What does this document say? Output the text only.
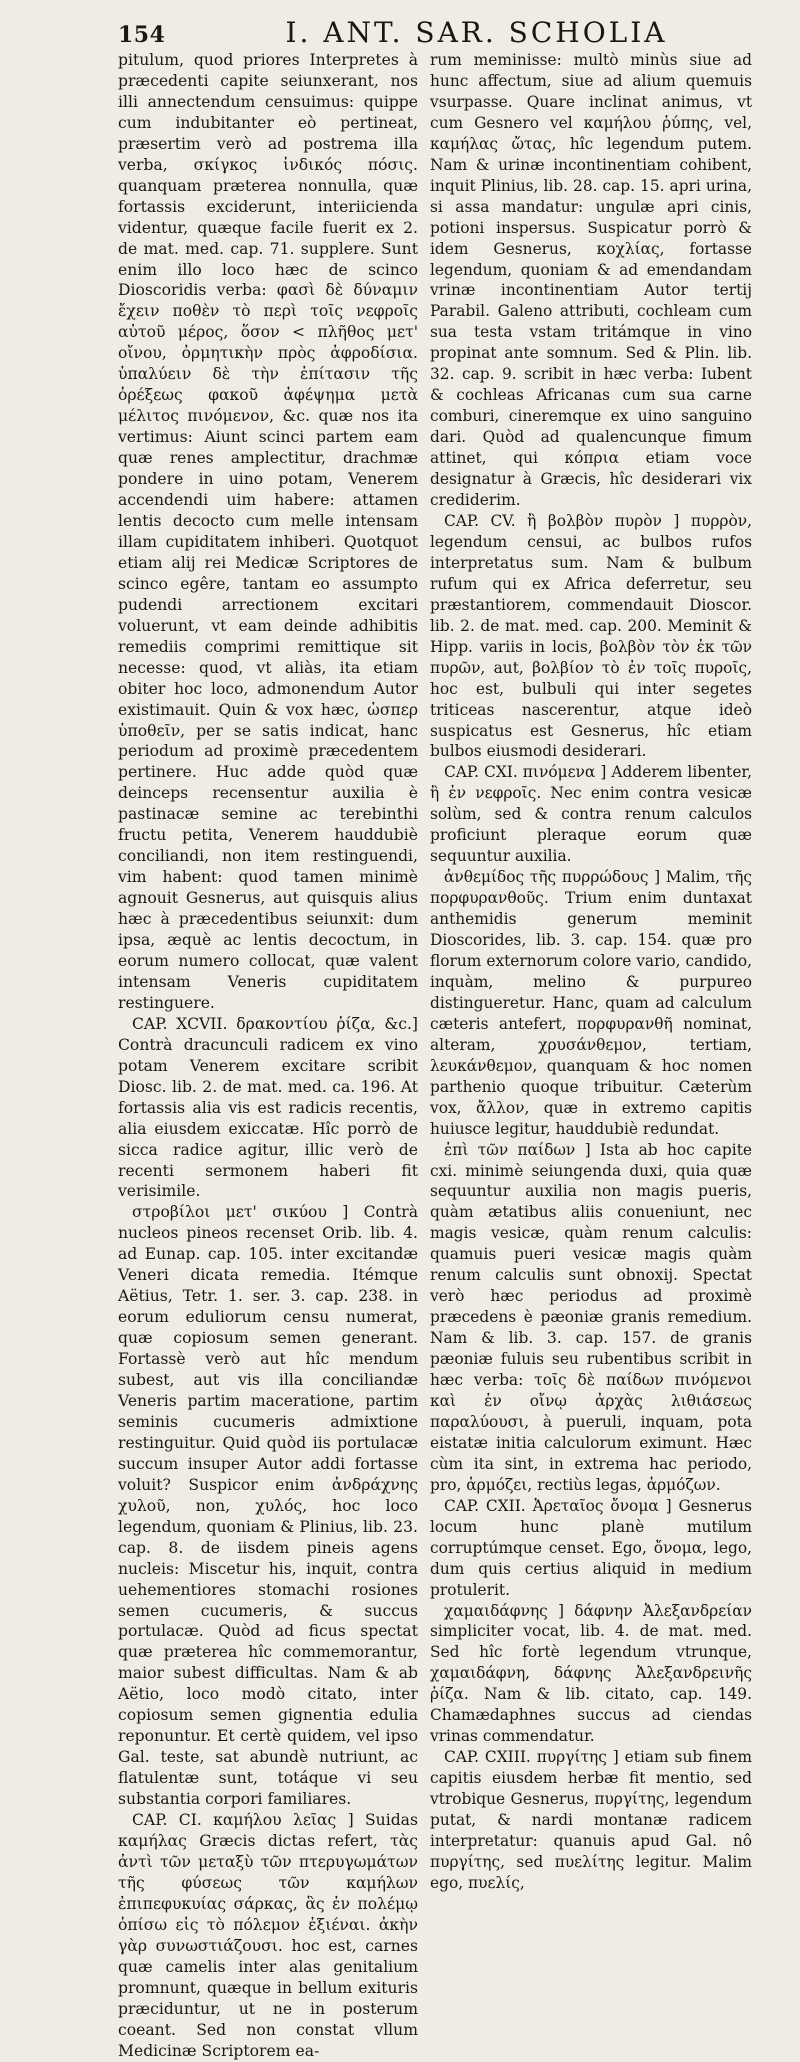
154	I. ANT. SAR. SCHOLIA

pitulum, quod priores Interpretes à præcedenti capite seiunxerant, nos illi annectendum censuimus: quippe cum indubitanter eò pertineat, præsertim verò ad postrema illa verba, σκίγκος ἰνδικός πόσις. quanquam præterea nonnulla, quæ fortassis exciderunt, interiicienda videntur, quæque facile fuerit ex 2. de mat. med. cap. 71. supplere. Sunt enim illo loco hæc de scinco Dioscoridis verba: φασὶ δὲ δύναμιν ἔχειν ποθὲν τὸ περὶ τοῖς νεφροῖς αὐτοῦ μέρος, ὅσον < πλῆθος μετ' οἴνου, ὀρμητικὴν πρὸς ἀφροδίσια. ὑπαλύειν δὲ τὴν ἐπίτασιν τῆς ὀρέξεως φακοῦ ἀφέψημα μετὰ μέλιτος πινόμενον, &c. quæ nos ita vertimus: Aiunt scinci partem eam quæ renes amplectitur, drachmæ pondere in uino potam, Venerem accendendi uim habere: attamen lentis decocto cum melle intensam illam cupiditatem inhiberi. Quotquot etiam alij rei Medicæ Scriptores de scinco egêre, tantam eo assumpto pudendi arrectionem excitari voluerunt, vt eam deinde adhibitis remediis comprimi remittique sit necesse: quod, vt aliàs, ita etiam obiter hoc loco, admonendum Autor existimauit. Quin & vox hæc, ὡσπερ ὑποθεῖν, per se satis indicat, hanc periodum ad proximè præcedentem pertinere. Huc adde quòd quæ deinceps recensentur auxilia è pastinacæ semine ac terebinthi fructu petita, Venerem hauddubiè conciliandi, non item restinguendi, vim habent: quod tamen minimè agnouit Gesnerus, aut quisquis alius hæc à præcedentibus seiunxit: dum ipsa, æquè ac lentis decoctum, in eorum numero collocat, quæ valent intensam Veneris cupiditatem restinguere.

CAP. XCVII. δρακοντίου ῥίζα, &c.] Contrà dracunculi radicem ex vino potam Venerem excitare scribit Diosc. lib. 2. de mat. med. ca. 196. At fortassis alia vis est radicis recentis, alia eiusdem exiccatæ. Hîc porrò de sicca radice agitur, illic verò de recenti sermonem haberi fit verisimile.

στροβίλοι μετ' σικύου ] Contrà nucleos pineos recenset Orib. lib. 4. ad Eunap. cap. 105. inter excitandæ Veneri dicata remedia. Itémque Aëtius, Tetr. 1. ser. 3. cap. 238. in eorum eduliorum censu numerat, quæ copiosum semen generant. Fortassè verò aut hîc mendum subest, aut vis illa conciliandæ Veneris partim maceratione, partim seminis cucumeris admixtione restinguitur. Quid quòd iis portulacæ succum insuper Autor addi fortasse voluit? Suspicor enim ἀνδράχνης χυλοῦ, non, χυλός, hoc loco legendum, quoniam & Plinius, lib. 23. cap. 8. de iisdem pineis agens nucleis: Miscetur his, inquit, contra uehementiores stomachi rosiones semen cucumeris, & succus portulacæ. Quòd ad ficus spectat quæ præterea hîc commemorantur, maior subest difficultas. Nam & ab Aëtio, loco modò citato, inter copiosum semen gignentia edulia reponuntur. Et certè quidem, vel ipso Gal. teste, sat abundè nutriunt, ac flatulentæ sunt, totáque vi seu substantia corpori familiares.

CAP. CI. καμήλου λεῖας ] Suidas καμήλας Græcis dictas refert, τὰς ἀντὶ τῶν μεταξὺ τῶν πτερυγωμάτων τῆς φύσεως τῶν καμήλων ἐπιπεφυκυίας σάρκας, ἃς ἐν πολέμῳ ὀπίσω εἰς τὸ πόλεμον ἐξιέναι. ἀκὴν γὰρ συνωστιάζουσι. hoc est, carnes quæ camelis inter alas genitalium promnunt, quæque in bellum exituris præciduntur, ut ne in posterum coeant. Sed non constat vllum Medicinæ Scriptorem ea-

rum meminisse: multò minùs siue ad hunc affectum, siue ad alium quemuis vsurpasse. Quare inclinat animus, vt cum Gesnero vel καμήλου ῥύπης, vel, καμήλας ὤτας, hîc legendum putem. Nam & urinæ incontinentiam cohibent, inquit Plinius, lib. 28. cap. 15. apri urina, si assa mandatur: ungulæ apri cinis, potioni inspersus. Suspicatur porrò & idem Gesnerus, κοχλίας, fortasse legendum, quoniam & ad emendandam vrinæ incontinentiam Autor tertij Parabil. Galeno attributi, cochleam cum sua testa vstam tritámque in vino propinat ante somnum. Sed & Plin. lib. 32. cap. 9. scribit in hæc verba: Iubent & cochleas Africanas cum sua carne comburi, cineremque ex uino sanguino dari. Quòd ad qualencunque fimum attinet, qui κόπρια etiam voce designatur à Græcis, hîc desiderari vix crediderim.

CAP. CV. ἢ βολβὸν πυρὸν ] πυρρὸν, legendum censui, ac bulbos rufos interpretatus sum. Nam & bulbum rufum qui ex Africa deferretur, seu præstantiorem, commendauit Dioscor. lib. 2. de mat. med. cap. 200. Meminit & Hipp. variis in locis, βολβὸν τὸν ἐκ τῶν πυρῶν, aut, βολβίον τὸ ἐν τοῖς πυροῖς, hoc est, bulbuli qui inter segetes triticeas nascerentur, atque ideò suspicatus est Gesnerus, hîc etiam bulbos eiusmodi desiderari.

CAP. CXI. πινόμενα ] Adderem libenter, ἢ ἐν νεφροῖς. Nec enim contra vesicæ solùm, sed & contra renum calculos proficiunt pleraque eorum quæ sequuntur auxilia.

ἀνθεμίδος τῆς πυρρώδους ] Malim, τῆς πορφυρανθοῦς. Trium enim duntaxat anthemidis generum meminit Dioscorides, lib. 3. cap. 154. quæ pro florum externorum colore vario, candido, inquàm, melino & purpureo distingueretur. Hanc, quam ad calculum cæteris antefert, πορφυρανθῆ nominat, alteram, χρυσάνθεμον, tertiam, λευκάνθεμον, quanquam & hoc nomen parthenio quoque tribuitur. Cæterùm vox, ἄλλον, quæ in extremo capitis huiusce legitur, hauddubiè redundat.

ἐπὶ τῶν παίδων ] Ista ab hoc capite cxi. minimè seiungenda duxi, quia quæ sequuntur auxilia non magis pueris, quàm ætatibus aliis conueniunt, nec magis vesicæ, quàm renum calculis: quamuis pueri vesicæ magis quàm renum calculis sunt obnoxij. Spectat verò hæc periodus ad proximè præcedens è pæoniæ granis remedium. Nam & lib. 3. cap. 157. de granis pæoniæ fuluis seu rubentibus scribit in hæc verba: τοῖς δὲ παίδων πινόμενοι καὶ ἐν οἴνῳ ἀρχὰς λιθιάσεως παραλύουσι, à pueruli, inquam, pota eistatæ initia calculorum eximunt. Hæc cùm ita sint, in extrema hac periodo, pro, ἁρμόζει, rectiùs legas, ἁρμόζων.

CAP. CXII. Ἀρεταῖος ὄνομα ] Gesnerus locum hunc planè mutilum corruptúmque censet. Ego, ὄνομα, lego, dum quis certius aliquid in medium protulerit.

χαμαιδάφνης ] δάφνην Ἀλεξανδρείαν simpliciter vocat, lib. 4. de mat. med. Sed hîc fortè legendum vtrunque, χαμαιδάφνη, δάφνης Ἀλεξανδρεινῆς ῥίζα. Nam & lib. citato, cap. 149. Chamædaphnes succus ad ciendas vrinas commendatur.

CAP. CXIII. πυργίτης ] etiam sub finem capitis eiusdem herbæ fit mentio, sed vtrobique Gesnerus, πυργίτης, legendum putat, & nardi montanæ radicem interpretatur: quanuis apud Gal. nô πυργίτης, sed πυελίτης legitur. Malim ego, πυελίς,
